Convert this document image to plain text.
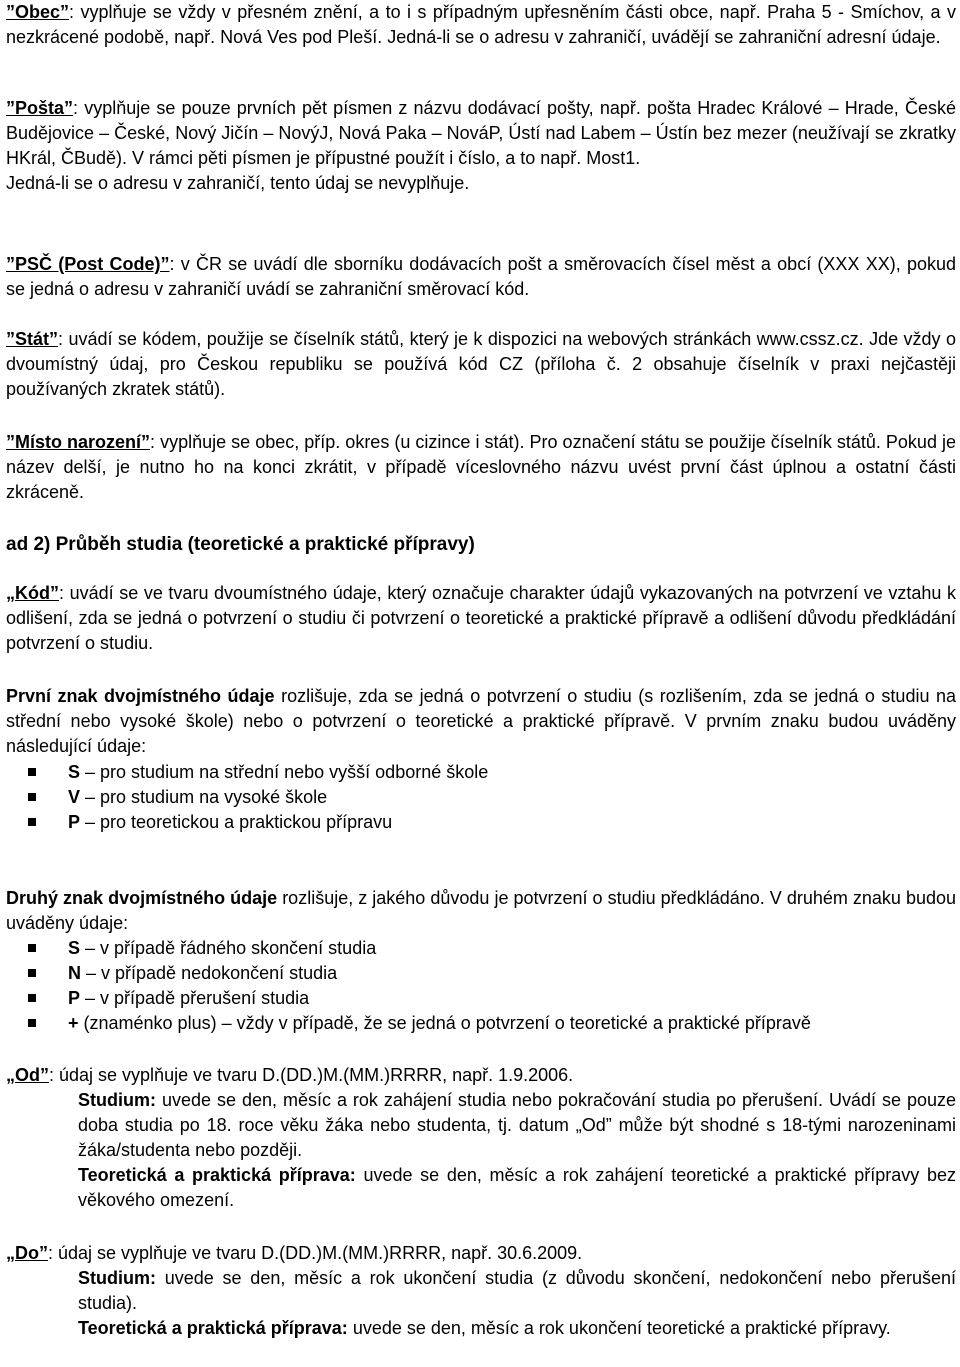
”Obec”: vyplňuje se vždy v přesném znění, a to i s případným upřesněním části obce, např. Praha 5 - Smíchov, a v nezkrácené podobě, např. Nová Ves pod Pleší. Jedná-li se o adresu v zahraničí, uvádějí se zahraniční adresní údaje.

”Pošta”: vyplňuje se pouze prvních pět písmen z názvu dodávací pošty, např. pošta Hradec Králové – Hrade, České Budějovice – České, Nový Jičín – NovýJ, Nová Paka – NováP, Ústí nad Labem – Ústín bez mezer (neužívají se zkratky HKrál, ČBudě). V rámci pěti písmen je přípustné použít i číslo, a to např. Most1.

Jedná-li se o adresu v zahraničí, tento údaj se nevyplňuje.

”PSČ (Post Code)”: v ČR se uvádí dle sborníku dodávacích pošt a směrovacích čísel měst a obcí (XXX XX), pokud se jedná o adresu v zahraničí uvádí se zahraniční směrovací kód.

”Stát”: uvádí se kódem, použije se číselník států, který je k dispozici na webových stránkách www.cssz.cz. Jde vždy o dvoumístný údaj, pro Českou republiku se používá kód CZ (příloha č. 2 obsahuje číselník v praxi nejčastěji používaných zkratek států).

”Místo narození”: vyplňuje se obec, příp. okres (u cizince i stát). Pro označení státu se použije číselník států. Pokud je název delší, je nutno ho na konci zkrátit, v případě víceslovného názvu uvést první část úplnou a ostatní části zkráceně.

ad 2) Průběh studia (teoretické a praktické přípravy)

„Kód”: uvádí se ve tvaru dvoumístného údaje, který označuje charakter údajů vykazovaných na potvrzení ve vztahu k odlišení, zda se jedná o potvrzení o studiu či potvrzení o teoretické a praktické přípravě a odlišení důvodu předkládání potvrzení o studiu.

První znak dvojmístného údaje rozlišuje, zda se jedná o potvrzení o studiu (s rozlišením, zda se jedná o studiu na střední nebo vysoké škole) nebo o potvrzení o teoretické a praktické přípravě. V prvním znaku budou uváděny následující údaje:

S – pro studium na střední nebo vyšší odborné škole
V – pro studium na vysoké škole
P – pro teoretickou a praktickou přípravu

Druhý znak dvojmístného údaje rozlišuje, z jakého důvodu je potvrzení o studiu předkládáno. V druhém znaku budou uváděny údaje:

S – v případě řádného skončení studia
N – v případě nedokončení studia
P – v případě přerušení studia
+ (znaménko plus) – vždy v případě, že se jedná o potvrzení o teoretické a praktické přípravě

„Od”: údaj se vyplňuje ve tvaru D.(DD.)M.(MM.)RRRR, např. 1.9.2006.

Studium: uvede se den, měsíc a rok zahájení studia nebo pokračování studia po přerušení. Uvádí se pouze doba studia po 18. roce věku žáka nebo studenta, tj. datum „Od” může být shodné s 18-tými narozeninami žáka/studenta nebo později.

Teoretická a praktická příprava: uvede se den, měsíc a rok zahájení teoretické a praktické přípravy bez věkového omezení.

„Do”: údaj se vyplňuje ve tvaru D.(DD.)M.(MM.)RRRR, např. 30.6.2009.

Studium: uvede se den, měsíc a rok ukončení studia (z důvodu skončení, nedokončení nebo přerušení studia).

Teoretická a praktická příprava: uvede se den, měsíc a rok ukončení teoretické a praktické přípravy.
